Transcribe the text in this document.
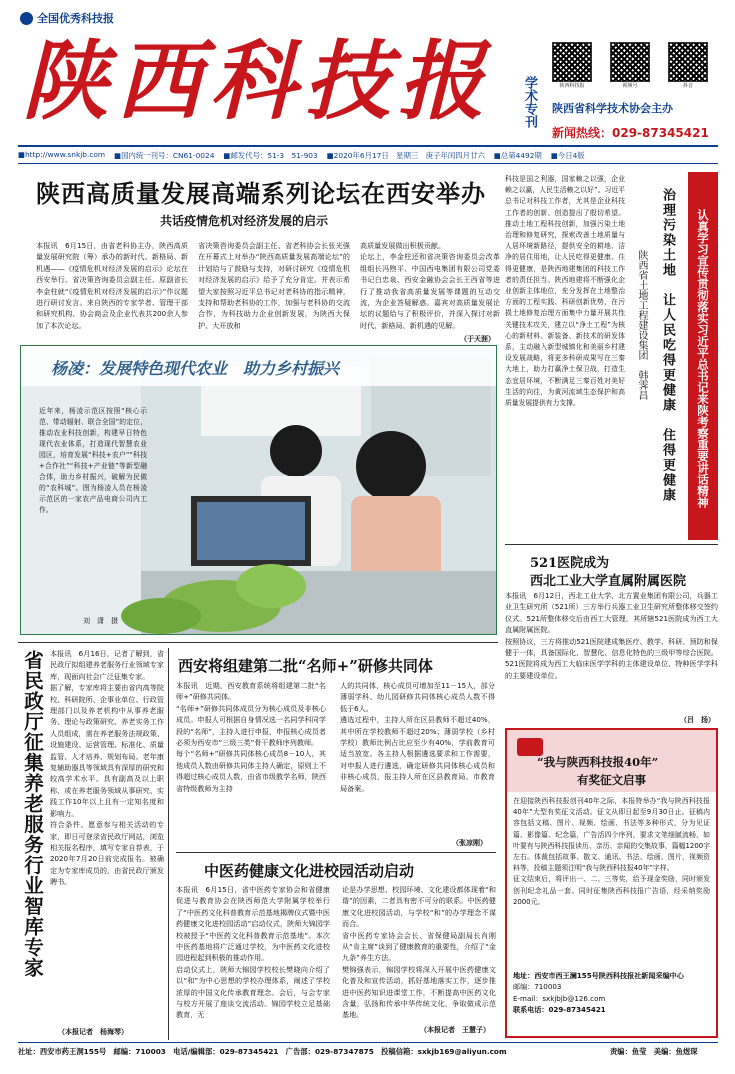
全国优秀科技报
陕西科技报 学术专刊	陕西科技报	视频号	抖音
陕西省科学技术协会主办
新闻热线：029-87345421
■http://www.snkjb.com ■国内统一刊号：CN61-0024 ■邮发代号：51-3　51-903 ■2020年6月17日　星期三　庚子年闰四月廿六 ■总第4492期 ■今日4版
陕西高质量发展高端系列论坛在西安举办
共话疫情危机对经济发展的启示
本报讯　6月15日，由省老科协主办，陕西高质量发展研究院（筹）承办的新时代、新格局、新机遇——《疫情危机对经济发展的启示》论坛在西安举行。省决策咨询委员会副主任、原副省长李金柱就“《疫情危机对经济发展的启示》”作议题进行研讨发言。来自陕西的专家学者、管理干部和研究机构、协会商会及企业代表共200余人参加了本次论坛。
省决策咨询委员会副主任、省老科协会长张光强在开幕式上对举办“陕西高质量发展高端论坛”的计划给与了鼓励与支持，对研讨研究《疫情危机对经济发展的启示》给予了充分肯定。并表示希望大家按照习近平总书记对老科协的指示精神，支持和帮助老科协的工作，加强与老科协的交流合作，为科技助力企业创新发展，为陕西大保护、大开放和
高质量发展做出积极贡献。
论坛上，李金柱还和省决策咨询委员会改革组组长冯煦平、中国西电集团有限公司党委书记白忠泉、西安金融协会会长王西省等进行了推动我省高质量发展等课题的互动交流，为企业答疑解惑。嘉宾对高质量发展论坛的议题给与了积极评价，并深入探讨对新时代、新格局、新机遇的见解。
（于天涯）
科技是国之利器，国家赖之以强，企业赖之以赢，人民生活赖之以好”。习近平总书记对科技工作者，尤其是企业科技工作者的创新、创造提出了殷切希望。推动土地工程科技创新，加强污染土地治理和修复研究，探索改善土地质量与人居环境新路径，提供安全的耕地、洁净的居住用地，让人民吃得更健康、住得更健康，是陕西地建集团的科技工作者的责任担当。陕西地建将不断强化企业创新主体地位，充分发挥在土地整治方面的工程实践、科研创新优势，在污损土地修复治理方面集中力量开展共性关键技术攻关，建立以“净土工程”为核心的新材料、新装备、新技术的研发体系，主动融入新型城镇化和美丽乡村建设发展战略，将更多科研成果写在三秦大地上，助力打赢净土保卫战，打造生态宜居环境，不断满足三秦百姓对美好生活的向往，为黄河流域生态保护和高质量发展提供有力支撑。	治理污染土地　让人民吃得更健康　住得更健康
陕西省土地工程建设集团　韩霁昌	认真学习宣传贯彻落实习近平总书记来陕考察重要讲话精神
杨凌：发展特色现代农业　助力乡村振兴
近年来，杨凌示范区按照“核心示范、带动辐射、联合全国”的定位，推动农业科技创新，构建早日特色现代农业体系，打造现代智慧农业园区，培育发展“科技+农户”“科技+合作社”“科技+产业链”等新型融合体，助力乡村振兴，破解为民做的“农科城”。图为杨凌人员在杨凌示范区的一家农产品电商公司内工作。
刘　潇　摄
521医院成为
西北工业大学直属附属医院
本报讯　6月12日，西北工业大学、北方置业集团有限公司，兵器工业卫生研究所（521所）三方举行兵器工业卫生研究所整体移交签约仪式。521所整体移交后由西工大管理，其所辖521医院成为西工大直属附属医院。
按照协议，三方将推动521医院建成集医疗、教学、科研、预防和保健于一体，具备国际化、智慧化、信息化特色的三级甲等综合医院。521医院将成为西工大临床医学学科的主体建设单位、特种医学学科的主要建设单位。
（吕　扬）
省民政厅征集养老服务行业智库专家 本报讯　6月16日，记者了解到，省民政厅拟组建养老服务行业领域专家库，现面向社会广泛征集专家。
据了解，专家库将主要由省内高等院校、科研院所、企事业单位、行政管理部门以及养老机构中从事养老服务、理论与政策研究、养老实务工作人员组成，需在养老服务法规政策、设施建设、运营管理、标准化、质量监管、人才培养、规划布局、老年康复辅助器具等领域具有深厚的研究和较高学术水平。具有副高及以上职称，或在养老服务领域从事研究、实践工作10年以上且有一定知名度和影响力。
符合条件、愿意参与相关活动的专家，即日可登录省民政厅网站，浏览相关报名程序，填写专家自荐表，于2020年7月20日前完成报名。被确定为专家库成员的，由省民政厅颁发聘书。
（本报记者　杨海琴）
西安将组建第二批“名师+”研修共同体
本报讯　近期，西安教育系统将组建第二批“名师+”研修共同体。
“名师+”研修共同体成员分为核心成员及非核心成员。申报人可根据自身情况选一名同学科同学段的“名师”，主持人进行申报，申报核心成员者必须为西安市“三级三类”骨干教师序列教师。
每个“名师+”研修共同体核心成员8－10人，其他成员人数由研修共同体主持人确定，原则上不得超过核心成员人数，由省市级教学名师，陕西省特级教师为主持
人的共同体，核心成员可增加至11－15人，部分薄弱学科、幼儿园研修共同体核心成员人数不得低于6人。
遴选过程中，主持人所在区县教师不超过40%，其中所在学校教师不超过20%；薄弱学校（乡村学校）教师比例占比应至少有40%，学前教育可适当放宽。各主持人根据遴选要求和工作需要，对申报人进行遴选，确定研修共同体核心成员和非核心成员，报主持人所在区县教育局、市教育局备案。
（张凉刚）
中医药健康文化进校园活动启动
本报讯　6月15日，省中医药专家协会和省健康促进与教育协会在陕西师范大学附属学校举行了“中医药文化科普教育示范基地揭牌仪式暨中医药健康文化进校园活动”启动仪式，陕师大锦园学校被授予“中医药文化科普教育示范基地”。本次中医药基地将广泛通过学校，为中医药文化进校园进程起到积极的推动作用。
启动仪式上，陕师大锦园学校校长樊晓向介绍了以“和”为中心思想的学校办理体系，阐述了学校浓厚的中国文化传承教育理念。会后，与会专家与校方开展了座谈交流活动。锦园学校立足基础教育，无
论是办学思想、校园环境、文化建设都体现着“和谐”的因素，二者具有密不可分的联系。中医药健康文化进校园活动，与学校“和”的办学理念不谋而合。
省中医药专家协会会长、省保健局副局长肖刚从“肯主席”谈到了健康教育的重要性，介绍了“金九条”养生方法。
樊锦强表示，锦园学校将深入开展中医药健康文化普及和宣传活动，抓好基地落实工作，逐步推进中医药知识进课堂工作，不断提高中医药文化含量，弘扬和传承中华传统文化，争取做成示范基地。
（本报记者　王慧子）
“我与陕西科技报40年”
有奖征文启事
在迎接陕西科技报创刊40年之际，本报特举办“我与陕西科技报40年”大型有奖征文活动。征文从即日起至9月30日止。征稿内容包括文稿、图片、视频、绘画、书法等多种形式，分为见证篇、影像篇、纪念篇，广告活四个序列，要求文笔细腻流畅，如叶要有与陕西科技报读历、亲历、亲闻的交集故事，篇幅1200字左右。体裁包括故事、散文、通讯、书法、绘画、图片，视频资料等，投稿主题须注明“我与陕西科技报40年”字样。
征文结束后，将评出一、二、三等奖，给予现金奖励，同时颁发创刊纪念礼品一套。同时征集陕西科技报广告语，经采纳奖励2000元。
地址：西安市西王澜155号陕西科技报社新闻采编中心
邮编：710003
E-mail：sxkjbjb@126.com
联系电话：029-87345421
社址：西安市药王洞155号　邮编：710003　电话/编辑部：029-87345421　广告部：029-87347875　投稿信箱：sxkjb169@aliyun.com	责编：鱼莹　美编：鱼煜琛
